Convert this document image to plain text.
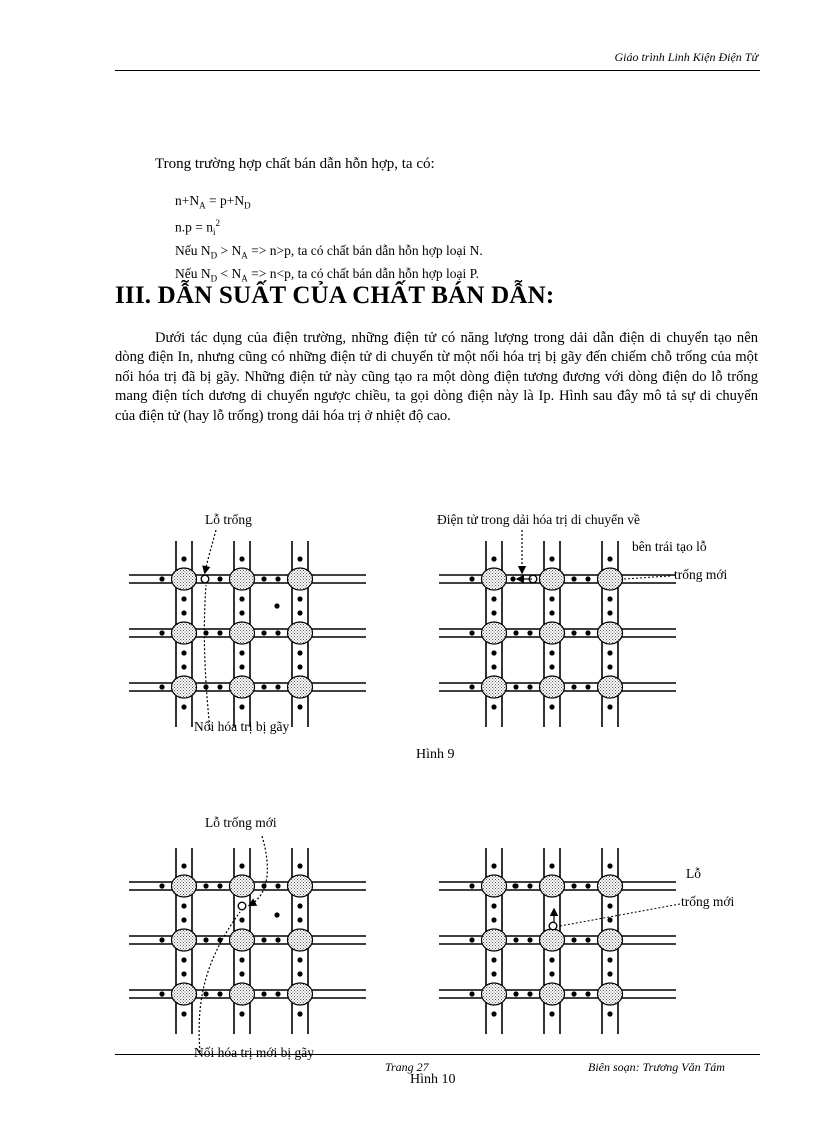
Giáo trình Linh Kiện Điện Tử
Trong trường hợp chất bán dẫn hỗn hợp, ta có:
$n+N_A = p+N_D$
$n.p = n_i^2$
Nếu $N_D > N_A => n>p$, ta có chất bán dẫn hỗn hợp loại N.
Nếu $N_D < N_A => n<p$, ta có chất bán dẫn hỗn hợp loại P.
III. DẪN SUẤT CỦA CHẤT BÁN DẪN:

Dưới tác dụng của điện trường, những điện tử có năng lượng trong dải dẫn điện di chuyển tạo nên dòng điện In, nhưng cũng có những điện tử di chuyển từ một nối hóa trị bị gãy đến chiếm chỗ trống của một nối hóa trị đã bị gãy. Những điện tử này cũng tạo ra một dòng điện tương đương với dòng điện do lỗ trống mang điện tích dương di chuyển ngược chiều, ta gọi dòng điện này là Ip. Hình sau đây mô tả sự di chuyển của điện tử (hay lỗ trống) trong dải hóa trị ở nhiệt độ cao.

Lỗ trống	Điện tử trong dải hóa trị di chuyển về
bên trái tạo lỗ
trống mới
Nối hóa trị bị gãy
Hình 9
Lỗ trống mới
Lỗ
trống mới
Nối hóa trị mới bị gãy
Trang 27	Biên soạn: Trương Văn Tám
Hình 10
